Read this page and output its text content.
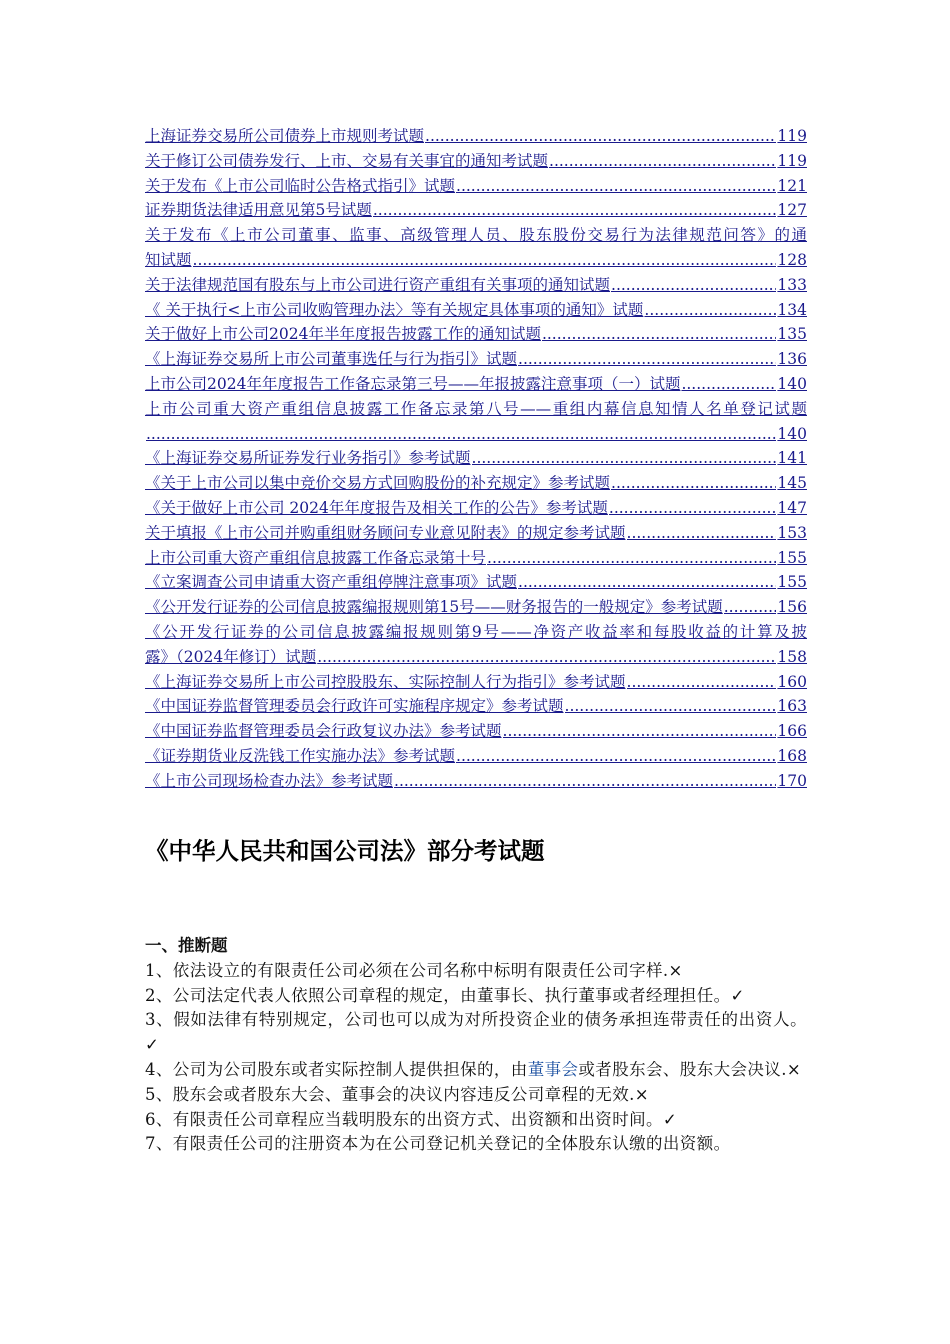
上海证券交易所公司债券上市规则考试题 .....	119
关于修订公司债券发行、上市、交易有关事宜的通知考试题 .....	119
关于发布《上市公司临时公告格式指引》试题 .....	121
证券期货法律适用意见第5号试题 .....	127
关于发布《上市公司董事、监事、高级管理人员、股东股份交易行为法律规范问答》的通
知试题 .....	128
关于法律规范国有股东与上市公司进行资产重组有关事项的通知试题 .....	133
《 关于执行<上市公司收购管理办法〉等有关规定具体事项的通知》试题 .....	134
关于做好上市公司2024年半年度报告披露工作的通知试题 .....	135
《上海证券交易所上市公司董事选任与行为指引》试题 .....	136
上市公司2024年年度报告工作备忘录第三号——年报披露注意事项（一）试题 .....	140
上市公司重大资产重组信息披露工作备忘录第八号——重组内幕信息知情人名单登记试题
.....
140
《上海证券交易所证券发行业务指引》参考试题 .....	141
《关于上市公司以集中竞价交易方式回购股份的补充规定》参考试题 .....	145
《关于做好上市公司 2024年年度报告及相关工作的公告》参考试题 .....	147
关于填报《上市公司并购重组财务顾问专业意见附表》的规定参考试题 .....	153
上市公司重大资产重组信息披露工作备忘录第十号 .....	155
《立案调查公司申请重大资产重组停牌注意事项》试题 .....	155
《公开发行证券的公司信息披露编报规则第15号——财务报告的一般规定》参考试题 .....	156
《公开发行证券的公司信息披露编报规则第9号——净资产收益率和每股收益的计算及披
露》（2024年修订）试题 .....	158
《上海证券交易所上市公司控股股东、实际控制人行为指引》参考试题 .....	160
《中国证券监督管理委员会行政许可实施程序规定》参考试题 .....	163
《中国证券监督管理委员会行政复议办法》参考试题 .....	166
《证券期货业反洗钱工作实施办法》参考试题 .....	168
《上市公司现场检查办法》参考试题 .....	170
《中华人民共和国公司法》部分考试题
一、推断题
1、依法设立的有限责任公司必须在公司名称中标明有限责任公司字样.×
2、公司法定代表人依照公司章程的规定，由董事长、执行董事或者经理担任。✓
3、假如法律有特别规定，公司也可以成为对所投资企业的债务承担连带责任的出资人。✓
4、公司为公司股东或者实际控制人提供担保的，由董事会或者股东会、股东大会决议.×
5、股东会或者股东大会、董事会的决议内容违反公司章程的无效.×
6、有限责任公司章程应当载明股东的出资方式、出资额和出资时间。✓
7、有限责任公司的注册资本为在公司登记机关登记的全体股东认缴的出资额。
